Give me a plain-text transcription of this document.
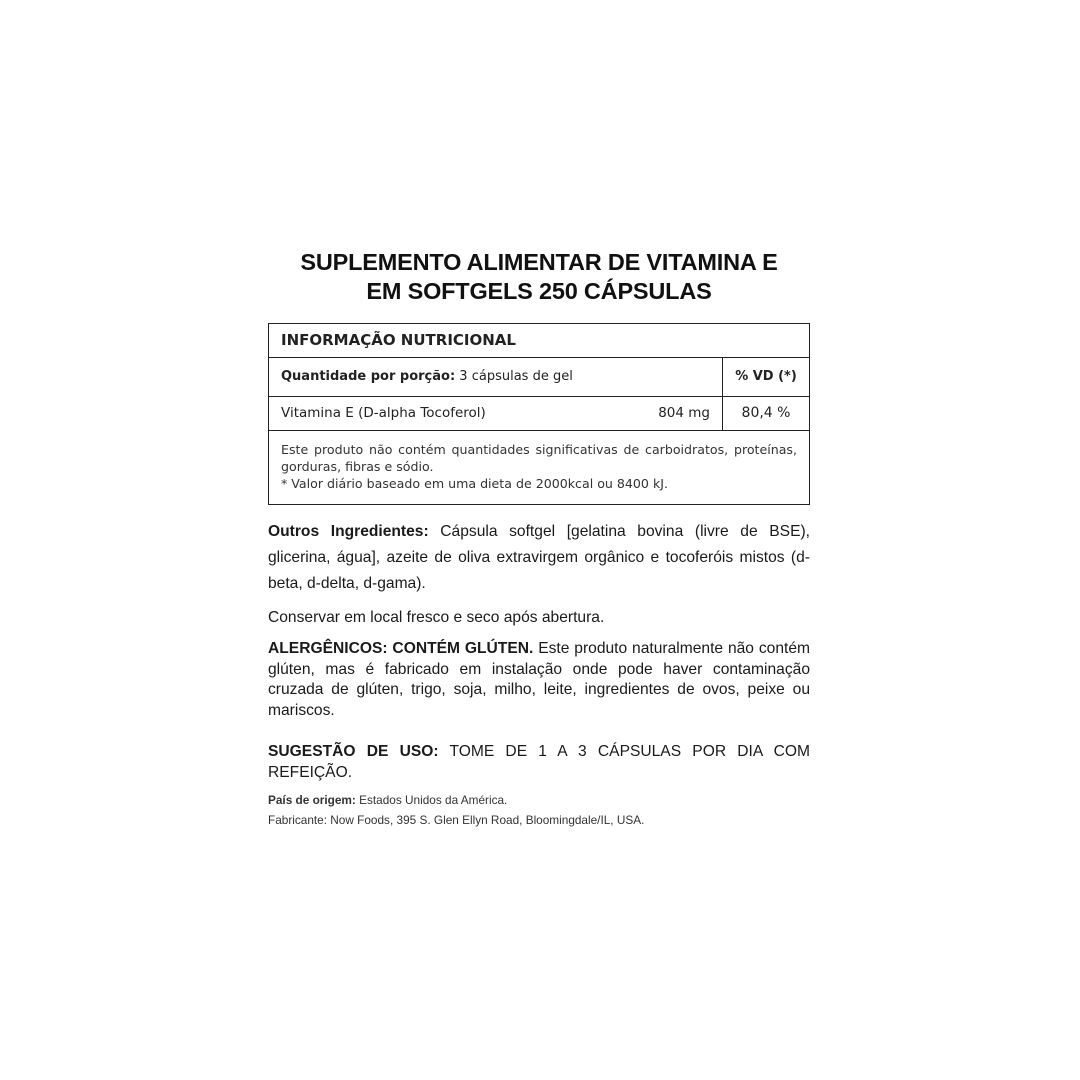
SUPLEMENTO ALIMENTAR DE VITAMINA E
EM SOFTGELS 250 CÁPSULAS
INFORMAÇÃO NUTRICIONAL
Quantidade por porção: 3 cápsulas de gel	% VD (*)
Vitamina E (D-alpha Tocoferol)	804 mg	80,4 %
Este produto não contém quantidades significativas de carboidratos, proteínas, gorduras, fibras e sódio.
* Valor diário baseado em uma dieta de 2000kcal ou 8400 kJ.

Outros Ingredientes: Cápsula softgel [gelatina bovina (livre de BSE), glicerina, água], azeite de oliva extravirgem orgânico e tocoferóis mistos (d-beta, d-delta, d-gama).

Conservar em local fresco e seco após abertura.

ALERGÊNICOS: CONTÉM GLÚTEN. Este produto naturalmente não contém glúten, mas é fabricado em instalação onde pode haver contaminação cruzada de glúten, trigo, soja, milho, leite, ingredientes de ovos, peixe ou mariscos.

SUGESTÃO DE USO: TOME DE 1 A 3 CÁPSULAS POR DIA COM REFEIÇÃO.

País de origem: Estados Unidos da América.

Fabricante: Now Foods, 395 S. Glen Ellyn Road, Bloomingdale/IL, USA.
